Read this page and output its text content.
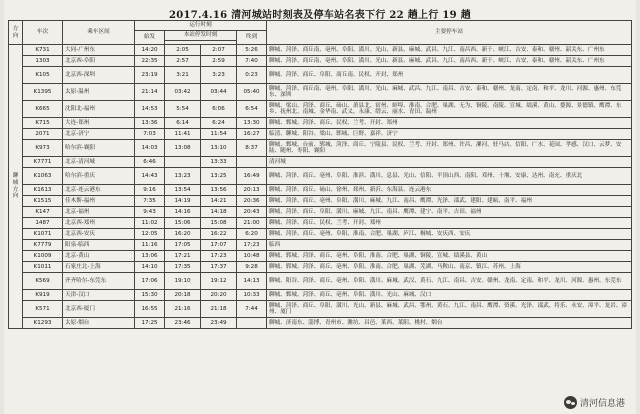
2017.4.16 清河城站时刻表及停车站名表下行 22 趟上行 19 趟
方向	车次	乘车区间	运行时刻				主要停车站
			始发	本站停发时刻		终到	

聊城方向	K731	大同-广州东	14:20	2:05	2:07	5:26	聊城、菏泽、商丘南、亳州、阜阳、潢川、光山、新县、麻城、武昌、九江、南昌西、新干、峡江、吉安、泰和、赣州、韶关东、广州东
	1303	北京西-阜阳	22:35	2:57	2:59	7:40	聊城、菏泽、商丘南、亳州、阜阳、潢川、光山、新县、麻城、武昌、九江、南昌西、新干、峡江、吉安、泰和、赣州、韶关东、广州东
	K105	北京西-深圳	23:19	3:21	3:23	0:23	聊城、菏泽、商丘、阜阳、商丘南、民权、开封、郑州
	K1395	太原-温州	21:14	03:42	03:44	05:40	聊城、菏泽、商丘南、亳州、阜阳、潢川、光山、麻城、武昌、九江、南昌、吉安、泰和、赣州、龙南、定南、和平、龙川、河源、惠州、东莞东、深圳
	K665	沈阳北-福州	14:53	5:54	6:06	6:54	聊城、梁山、菏泽、商丘、砀山、萧县北、宿州、蚌埠、淮南、合肥、巢湖、无为、铜陵、南陵、宣城、绩溪、黄山、婺源、景德镇、鹰潭、东乡、抚州北、南城、金华南、武义、永康、缙云、丽水、青田、温州
	K715	大连-郑州	13:36	6:14	6:24	13:30	聊城、鄄城、菏泽、商丘、民权、兰考、开封、郑州
	2071	北京-济宁	7:03	11:41	11:54	16:27	临清、聊城、阳谷、梁山、郓城、巨野、嘉祥、济宁
	K973	哈尔滨-襄阳	14:03	13:08	13:10	8:37	聊城、鄄城、台前、郓城、菏泽、商丘、宁陵县、民权、兰考、开封、郑州、许昌、漯河、驻马店、信阳、广水、花园、孝感、汉口、云梦、安陆、随州、枣阳、襄阳
	K7771	北京-清河城	6:46		13:33		清河城
	K1063	哈尔滨-重庆	14:43	13:23	13:25	16:49	聊城、菏泽、商丘、亳州、阜阳、淮滨、潢川、息县、光山、信阳、平顶山西、南阳、邓州、十堰、安康、达州、南充、重庆北
	K1613	北京-连云港东	9:16	13:54	13:56	20:13	聊城、菏泽、商丘、砀山、徐州、邳州、新沂、东海县、连云港东
	K1515	佳木斯-福州	7:35	14:19	14:21	20:36	聊城、菏泽、商丘、亳州、阜阳、潢川、麻城、九江、南昌、鹰潭、光泽、邵武、建阳、建瓯、南平、福州
	K147	北京-福州	9:43	14:16	14:18	20:43	聊城、菏泽、商丘、阜阳、潢川、麻城、九江、南昌、鹰潭、建宁、南平、吉田、福州
	1487	北京西-郑州	11:02	15:06	15:08	21:00	聊城、菏泽、商丘、民权、兰考、开封、郑州
	K1071	北京西-安庆	12:05	16:20	16:22	6:20	聊城、菏泽、商丘、亳州、阜阳、淮南、合肥、巢湖、庐江、桐城、安庆西、安庆
	K7779	阳泉-临西	11:16	17:05	17:07	17:23	临西
	K1009	北京-黄山	13:06	17:21	17:23	10:48	聊城、郓城、菏泽、商丘、亳州、阜阳、淮南、合肥、巢湖、铜陵、宣城、绩溪县、黄山
	K1011	石家庄北-上海	14:10	17:35	17:37	9:28	聊城、郓城、菏泽、商丘、亳州、阜阳、淮南、合肥、巢湖、芜湖、马鞍山、南京、镇江、苏州、上海
	K569	齐齐哈尔-东莞东	17:06	19:10	19:12	14:13	聊城、阳谷、菏泽、商丘、亳州、阜阳、潢川、麻城、武汉、黄石、九江、南昌、吉安、赣州、龙南、定南、和平、龙川、河源、惠州、东莞东
	K919	天津-汉口	15:30	20:18	20:20	10:33	聊城、鄄城、菏泽、商丘、亳州、阜阳、潢川、光山、麻城、汉口
	K571	北京西-厦门	16:55	21:16	21:18	7:44	聊城、菏泽、商丘、阜阳、潢川、光山、新县、麻城、武昌、鄂州、黄石、九江、南昌、鹰潭、资溪、光泽、邵武、将乐、永安、漳平、龙岩、漳州、厦门
	K1293	太原-烟台	17:25	23:46	23:49		聊城、济南东、淄博、青州市、潍坊、昌邑、莱西、莱阳、桃村、烟台
清河信息港
